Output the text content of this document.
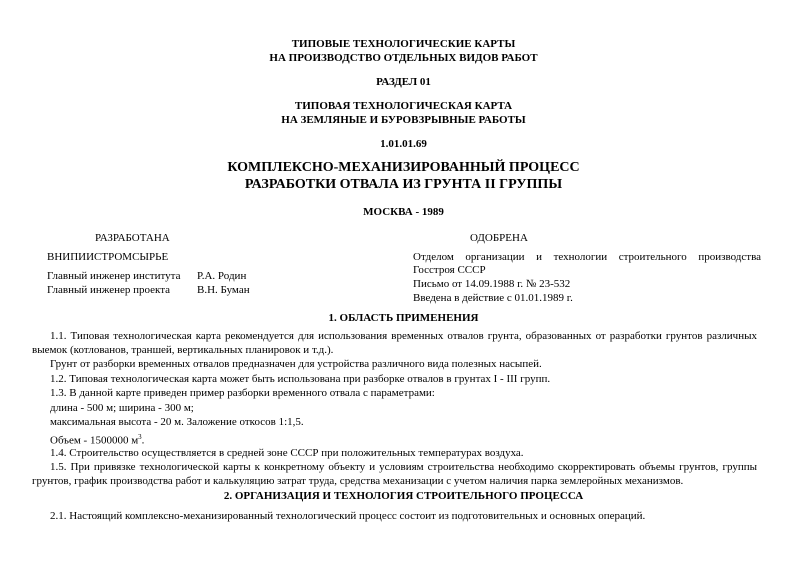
ТИПОВЫЕ ТЕХНОЛОГИЧЕСКИЕ КАРТЫ
НА ПРОИЗВОДСТВО ОТДЕЛЬНЫХ ВИДОВ РАБОТ
РАЗДЕЛ 01
ТИПОВАЯ ТЕХНОЛОГИЧЕСКАЯ КАРТА
НА ЗЕМЛЯНЫЕ И БУРОВЗРЫВНЫЕ РАБОТЫ
1.01.01.69
КОМПЛЕКСНО-МЕХАНИЗИРОВАННЫЙ ПРОЦЕСС
РАЗРАБОТКИ ОТВАЛА ИЗ ГРУНТА II ГРУППЫ
МОСКВА - 1989
РАЗРАБОТАНА
ВНИПИИСТРОМСЫРЬЕ
Главный инженер института Р.А. Родин
Главный инженер проекта В.Н. Буман
ОДОБРЕНА
Отделом организации и технологии строительного производства
Госстроя СССР
Письмо от 14.09.1988 г. № 23-532
Введена в действие с 01.01.1989 г.
1. ОБЛАСТЬ ПРИМЕНЕНИЯ
1.1. Типовая технологическая карта рекомендуется для использования временных отвалов грунта, образованных от разработки грунтов различных выемок (котлованов, траншей, вертикальных планировок и т.д.).
Грунт от разборки временных отвалов предназначен для устройства различного вида полезных насыпей.
1.2. Типовая технологическая карта может быть использована при разборке отвалов в грунтах I - III групп.
1.3. В данной карте приведен пример разборки временного отвала с параметрами:
длина - 500 м; ширина - 300 м;
максимальная высота - 20 м. Заложение откосов 1:1,5.
Объем - 1500000 $м^3$.
1.4. Строительство осуществляется в средней зоне СССР при положительных температурах воздуха.
1.5. При привязке технологической карты к конкретному объекту и условиям строительства необходимо скорректировать объемы грунтов, группы грунтов, график производства работ и калькуляцию затрат труда, средства механизации с учетом наличия парка землеройных механизмов.
2. ОРГАНИЗАЦИЯ И ТЕХНОЛОГИЯ СТРОИТЕЛЬНОГО ПРОЦЕССА
2.1. Настоящий комплексно-механизированный технологический процесс состоит из подготовительных и основных операций.
